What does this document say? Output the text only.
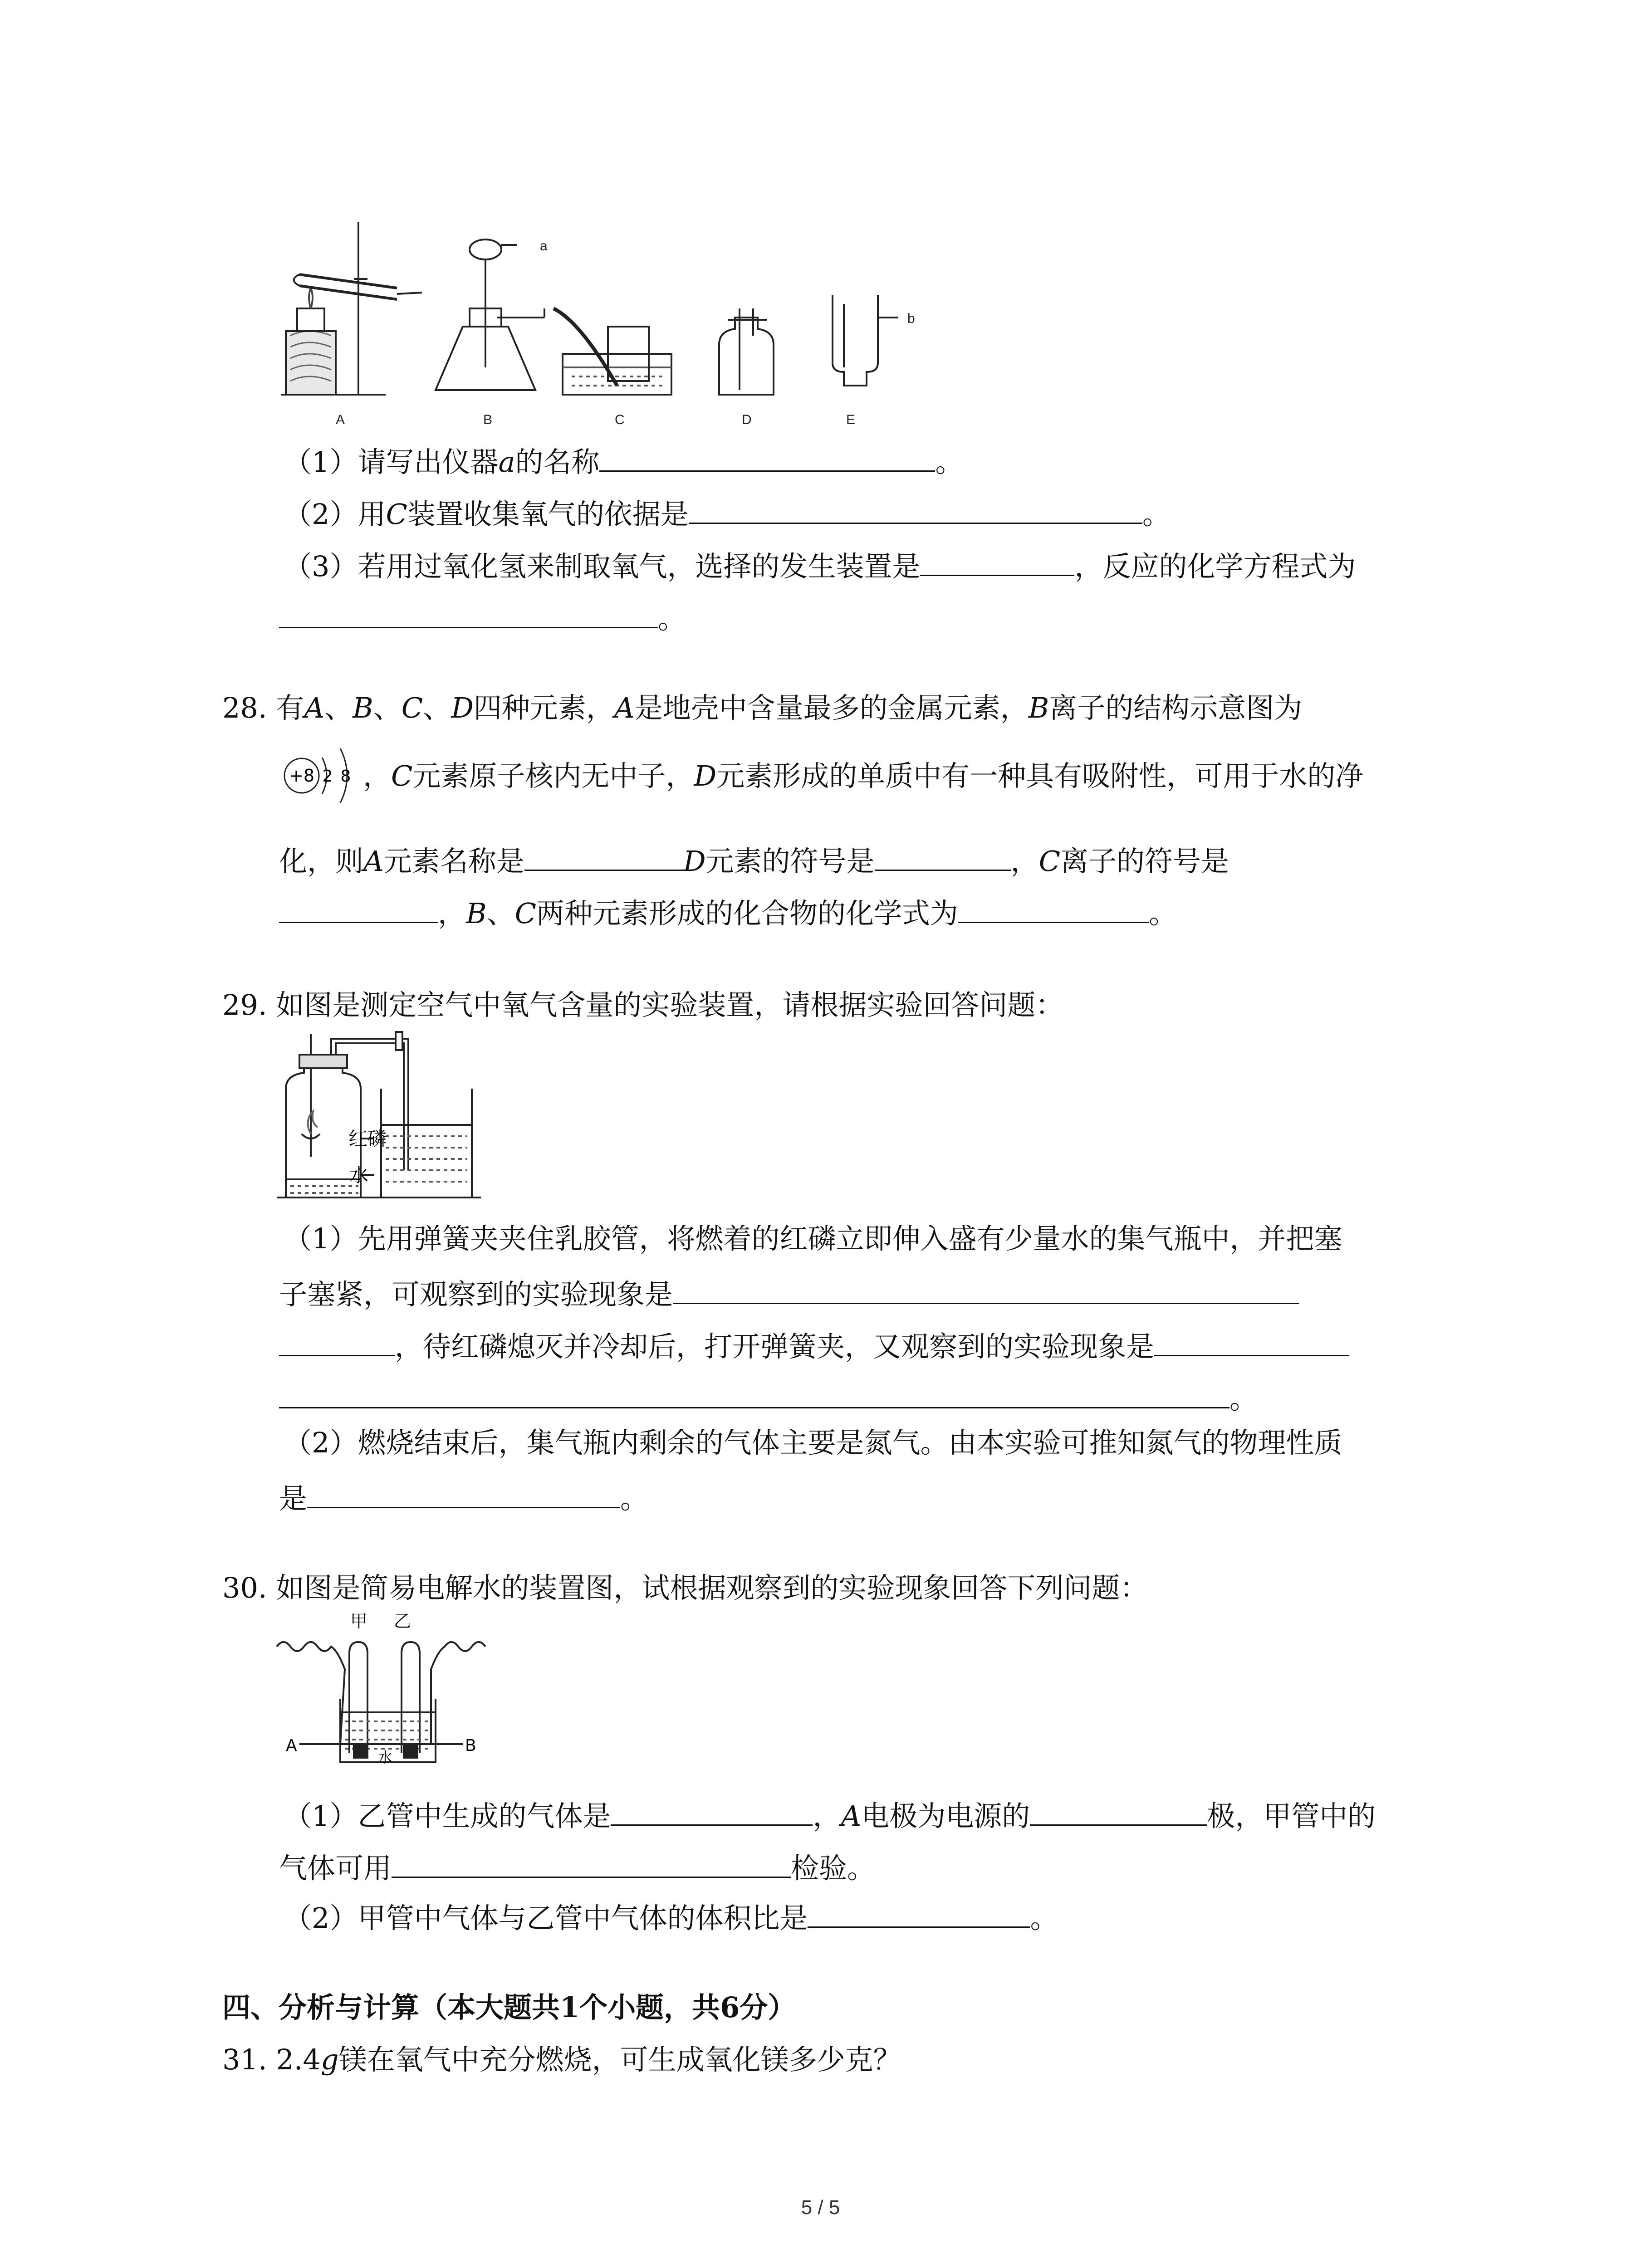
a
b
A	B	C	D	E
（1）请写出仪器a的名称	。
（2）用C装置收集氧气的依据是	。
（3）若用过氧化氢来制取氧气，选择的发生装置是	，反应的化学方程式为
。
28. 有A、B、C、D四种元素，A是地壳中含量最多的金属元素，B离子的结构示意图为
+8 2 8 ，C元素原子核内无中子，D元素形成的单质中有一种具有吸附性，可用于水的净
化，则A元素名称是	D元素的符号是	，C离子的符号是
，B、C两种元素形成的化合物的化学式为	。
29. 如图是测定空气中氧气含量的实验装置，请根据实验回答问题：
红磷
水
（1）先用弹簧夹夹住乳胶管，将燃着的红磷立即伸入盛有少量水的集气瓶中，并把塞
子塞紧，可观察到的实验现象是
，待红磷熄灭并冷却后，打开弹簧夹，又观察到的实验现象是
。
（2）燃烧结束后，集气瓶内剩余的气体主要是氮气。由本实验可推知氮气的物理性质
是	。
30. 如图是简易电解水的装置图，试根据观察到的实验现象回答下列问题：
甲 乙
A	B
水
（1）乙管中生成的气体是	，A电极为电源的	极，甲管中的
气体可用	检验。
（2）甲管中气体与乙管中气体的体积比是	。
四、分析与计算（本大题共1个小题，共6分）
31. 2.4g镁在氧气中充分燃烧，可生成氧化镁多少克？
5 / 5
